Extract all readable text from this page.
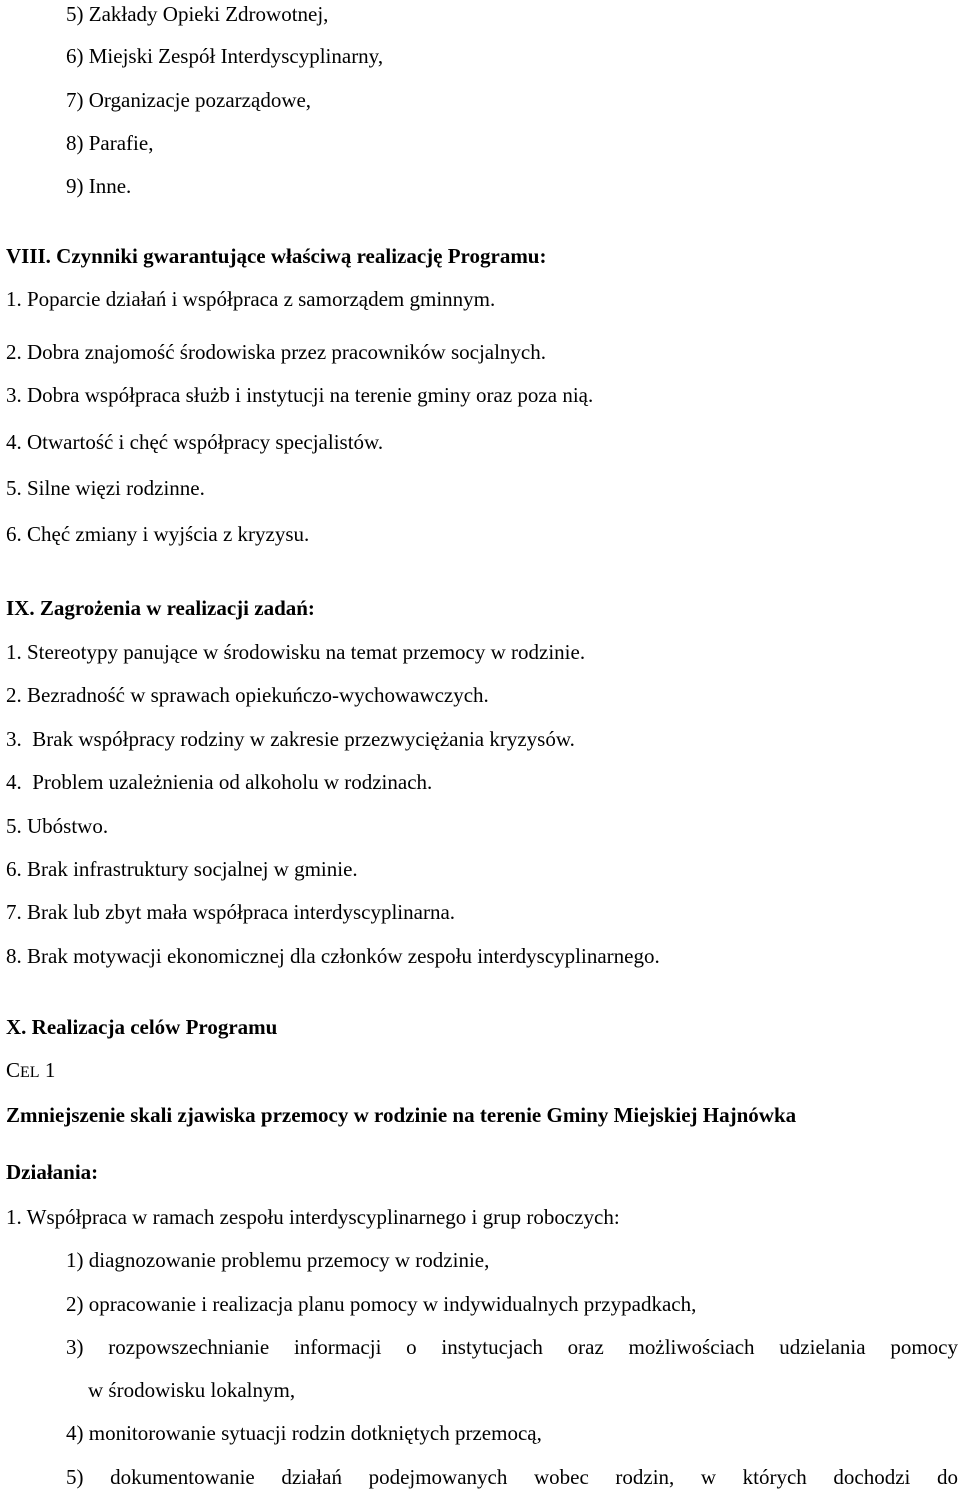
5) Zakłady Opieki Zdrowotnej,
6) Miejski Zespół Interdyscyplinarny,
7) Organizacje pozarządowe,
8) Parafie,
9) Inne.
VIII. Czynniki gwarantujące właściwą realizację Programu:
1. Poparcie działań i współpraca z samorządem gminnym.
2. Dobra znajomość środowiska przez pracowników socjalnych.
3. Dobra współpraca służb i instytucji na terenie gminy oraz poza nią.
4. Otwartość i chęć współpracy specjalistów.
5. Silne więzi rodzinne.
6. Chęć zmiany i wyjścia z kryzysu.
IX. Zagrożenia w realizacji zadań:
1. Stereotypy panujące w środowisku na temat przemocy w rodzinie.
2. Bezradność w sprawach opiekuńczo-wychowawczych.
3.  Brak współpracy rodziny w zakresie przezwyciężania kryzysów.
4.  Problem uzależnienia od alkoholu w rodzinach.
5. Ubóstwo.
6. Brak infrastruktury socjalnej w gminie.
7. Brak lub zbyt mała współpraca interdyscyplinarna.
8. Brak motywacji ekonomicznej dla członków zespołu interdyscyplinarnego.
X. Realizacja celów Programu
CEL 1
Zmniejszenie skali zjawiska przemocy w rodzinie na terenie Gminy Miejskiej Hajnówka
Działania:
1. Współpraca w ramach zespołu interdyscyplinarnego i grup roboczych:
1) diagnozowanie problemu przemocy w rodzinie,
2) opracowanie i realizacja planu pomocy w indywidualnych przypadkach,
3) rozpowszechnianie informacji o instytucjach oraz możliwościach udzielania pomocy
w środowisku lokalnym,
4) monitorowanie sytuacji rodzin dotkniętych przemocą,
5) dokumentowanie działań podejmowanych wobec rodzin, w których dochodzi do
